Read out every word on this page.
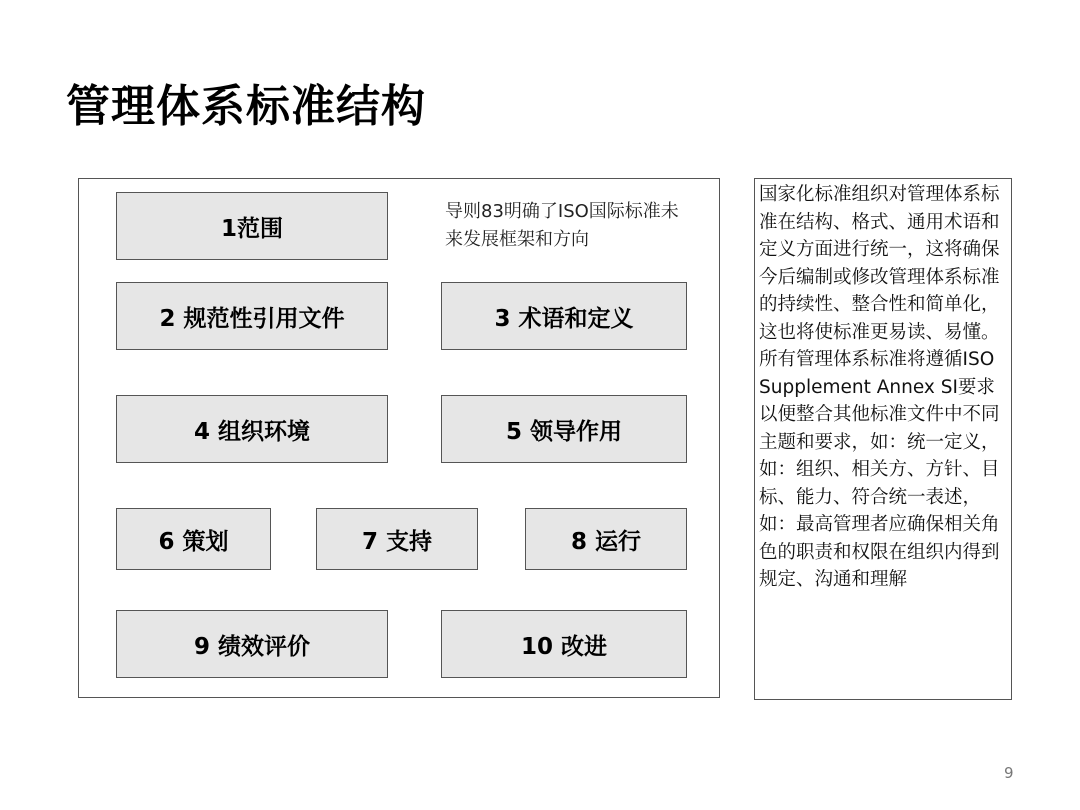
管理体系标准结构
1范围
导则83明确了ISO国际标准未来发展框架和方向
2 规范性引用文件	3 术语和定义
4 组织环境	5 领导作用
6 策划	7 支持	8 运行
9 绩效评价	10 改进

国家化标准组织对管理体系标准在结构、格式、通用术语和定义方面进行统一，这将确保今后编制或修改管理体系标准的持续性、整合性和简单化，这也将使标准更易读、易懂。

所有管理体系标准将遵循ISO Supplement Annex SI要求以便整合其他标准文件中不同主题和要求，如：统一定义，如：组织、相关方、方针、目标、能力、符合统一表述，如：最高管理者应确保相关角色的职责和权限在组织内得到规定、沟通和理解

9
